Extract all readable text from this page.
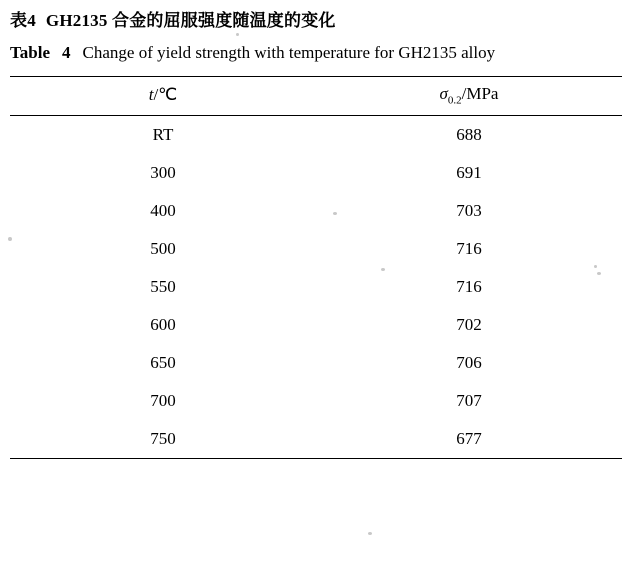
表4 GH2135 合金的屈服强度随温度的变化
Table 4 Change of yield strength with temperature for GH2135 alloy
t/℃	$\sigma_{0.2}$/MPa
RT	688
300	691
400	703
500	716
550	716
600	702
650	706
700	707
750	677
